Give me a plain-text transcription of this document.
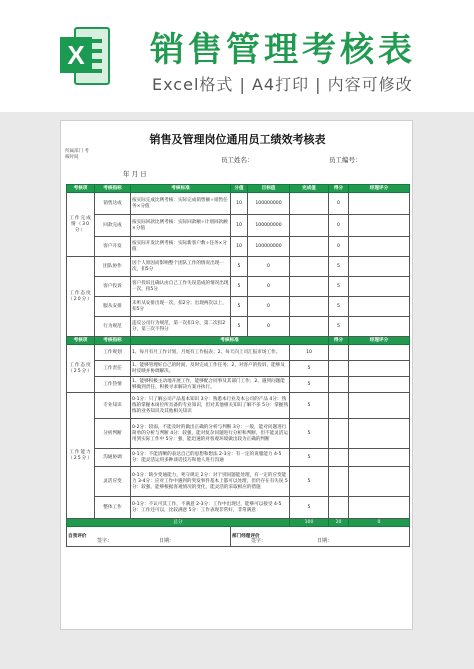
X 销售管理考核表
Excel格式 | A4打印 | 内容可修改
销售及管理岗位通用员工绩效考核表
所属部门 考核时间	员工姓名：	员工编号：
年 月 日
考核项	考核指标	考核标准	分值	目标值	完成值	得分	经理评分
工作完成情（30分）	销售达成	按实际完成比例考核：实际完成销售额÷销售任务×分值	10	100000000		0	
	回款完成	按实际回款比例考核：实际回款额÷计划回款额×分值	10	100000000		0	
	客户开发	按实际开发比例考核：实际新客户数÷任务×分值	10	100000000		0	
工作态度（20分）	团队协作	因个人原因而影响整个团队工作的情况出现一次，扣5分	5	0		5	
	客户投诉	客户投诉且确认由自己工作失误造成的情况出现一次，扣5分	5	0		5	
	服从安排	未听从安排出现一次，扣2分；出现两次以上，扣5分	5	0		5	
	行为规范	违反公司行为规范，第一次扣1分，第二次扣2分，第三次不得分	5	0		5	
考核项	考核指标	考核标准				得分	经理评分
工作态度（25分）	工作规划	1、每月有月工作计划，月尾有工作报表；2、每天向上司汇报市场工作。			10		
	工作责任	1、能够管理好自己的时间，及时完成工作任务；2、对客户的投诉，能够及时反映并协调解决。			5		
	工作热情	1、能够积极主动地开展工作，能够配合同事及其部门工作；2、遇到问题能够做到责任、积极寻求解决方案并执行。			5		
工作能力（25分）	专业知识	0-1分：只了解公司产品基本知识 3分：熟悉本行业及本公司的产品 4分：熟练的掌握本岗位所具备的专业知识，但对其他相关知识了解不多 5分：掌握熟练的业务知识及其他相关知识			5		
	分析判断	0-2分：较弱，不能及时的做出正确的分析与判断 3分：一般，能对问题进行简单的分析与判断 4分：较强，能对复杂问题进行分析和判断，但不能灵活运用到实际工作中 5分：强，能迅速的对客观环境做出较为正确的判断			5		
	沟通协调	0-1分：不能清晰的表达自己的思想和想法 2-3分：有一定的说服能力 4-5分：能灵活运用多种谈话技巧和他人进行沟通			5		
	灵活应变	0-1分：缺少变通能力，死守规定 2分：对于别问题能处理，有一定的应变能力 3-4分：应对工作中遇到的突发事件基本上都可以处理，但仍存在有失误 5分：较强，能够根据客观情况的变化，能灵活的采取相应的措施			5		
	整体工作	0-1分：不认可其工作，不满意 2-3分：工作中出现过，能够可以接受 4-5分：工作还可以，比较满意 5分：工作表现非常好，非常满意			5		
总分					100	20	0
自我评价
签字： 日期：			部门经理评价
签字： 日期：				
